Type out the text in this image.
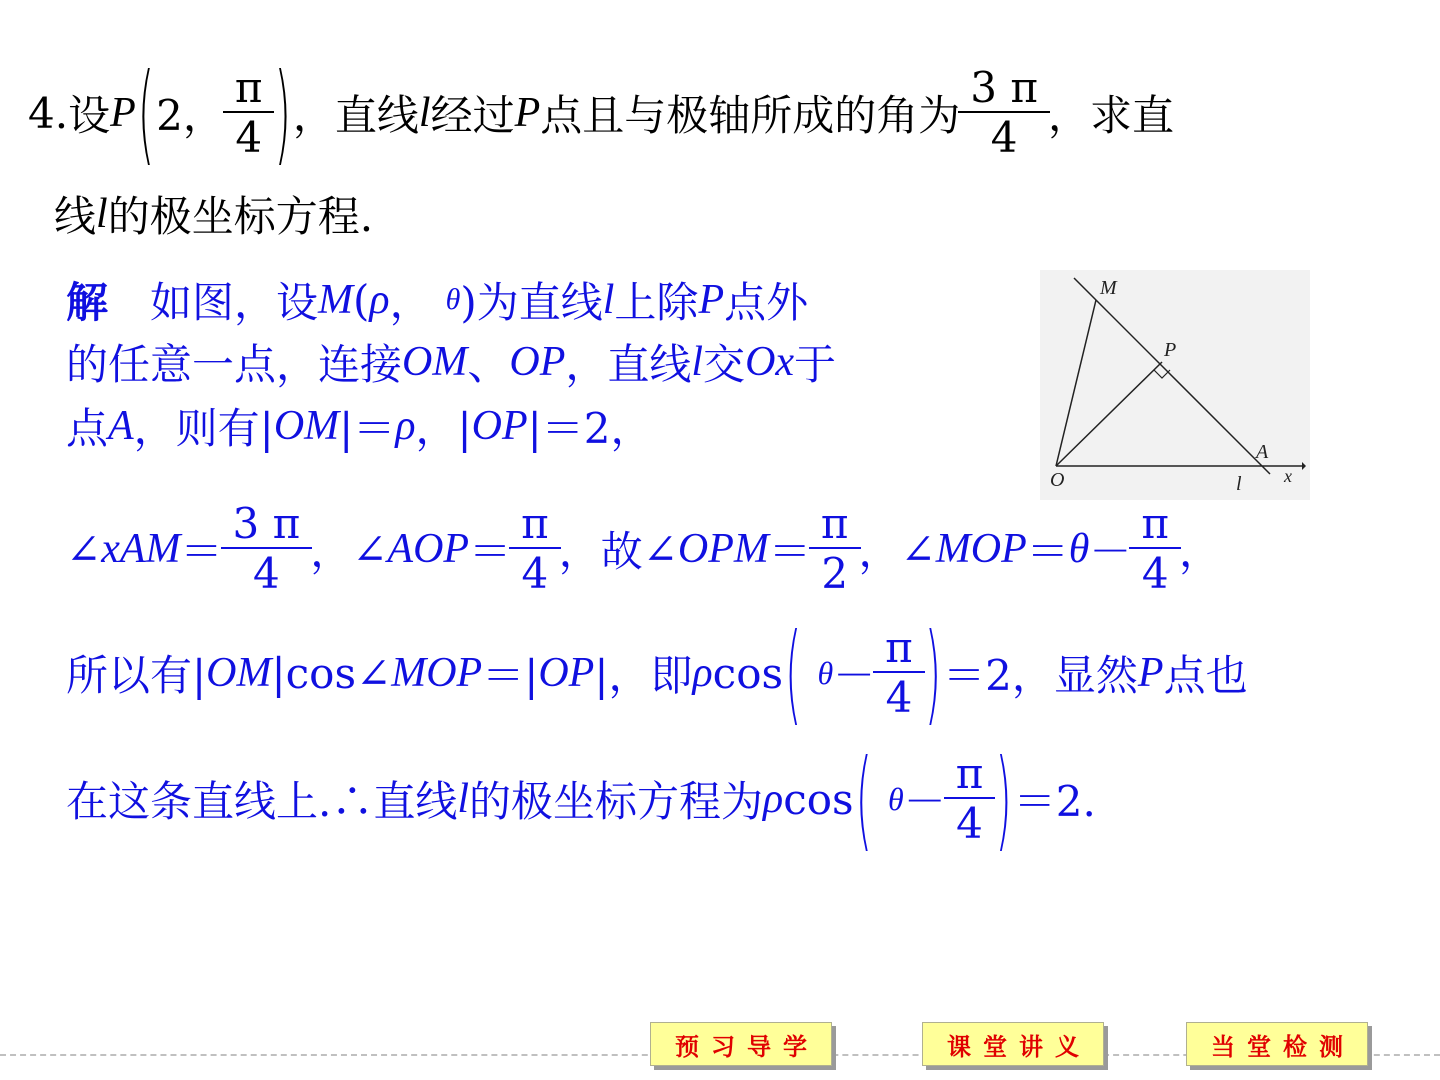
4. 设 P ( 2， $\frac{\pi}{4}$ ) ，直线 l 经过 P 点且与极轴所成的角为 $\frac{3 \pi}{4}$ ，求直
线 l 的极坐标方程.
解 　如图，设 M ( ρ ， θ )为直线 l 上除 P 点外
的任意一点，连接 OM 、 OP ，直线 l 交 Ox 于
点 A ，则有| OM |＝ ρ ，| OP |＝2，
M
P
A
O	l x
∠ xAM ＝ $\frac{3 \pi}{4}$ ， ∠ AOP ＝ $\frac{\pi}{4}$ ，故 ∠ OPM ＝ $\frac{\pi}{2}$ ， ∠ MOP ＝ $\theta - \frac{\pi}{4}$ ，
所以有| OM |cos∠ MOP ＝| OP |，即 ρ cos ( $\theta - \frac{\pi}{4}$ ) ＝2，显然 P 点也
在这条直线上.∴直线 l 的极坐标方程为 ρ cos ( $\theta - \frac{\pi}{4}$ ) ＝2.
预习导学	课堂讲义	当堂检测
